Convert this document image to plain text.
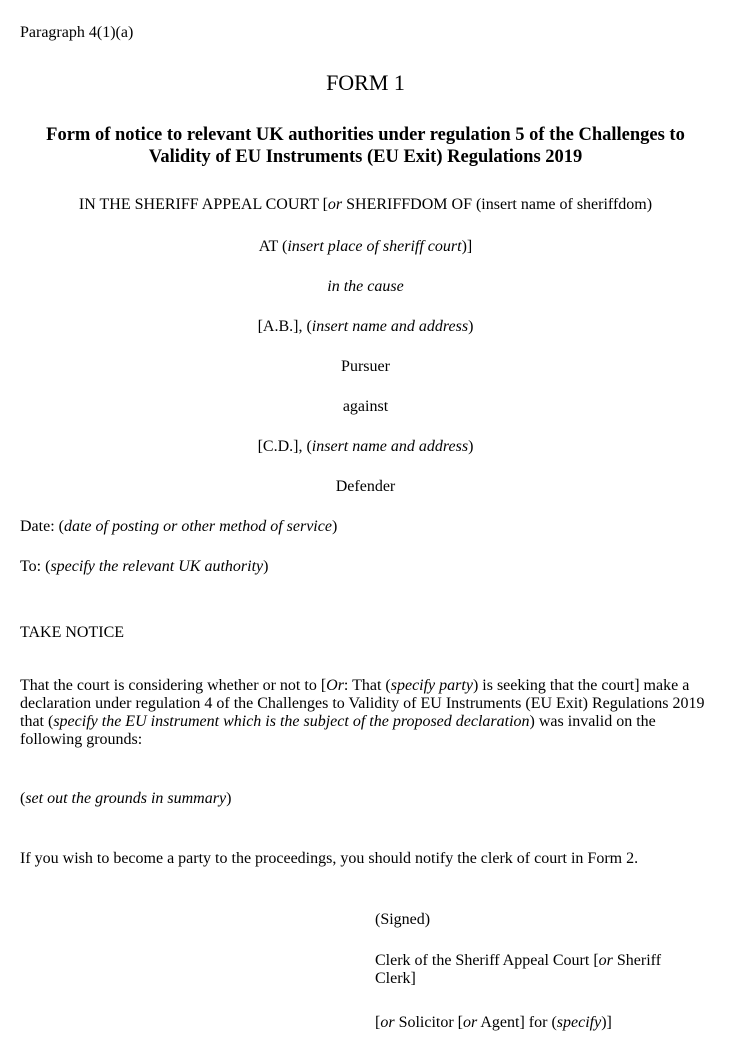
Paragraph 4(1)(a)

FORM 1

Form of notice to relevant UK authorities under regulation 5 of the Challenges to
Validity of EU Instruments (EU Exit) Regulations 2019

IN THE SHERIFF APPEAL COURT [or SHERIFFDOM OF (insert name of sheriffdom)

AT (insert place of sheriff court)]

in the cause

[A.B.], (insert name and address)

Pursuer

against

[C.D.], (insert name and address)

Defender

Date: (date of posting or other method of service)

To: (specify the relevant UK authority)

TAKE NOTICE

That the court is considering whether or not to [Or: That (specify party) is seeking that the court] make a declaration under regulation 4 of the Challenges to Validity of EU Instruments (EU Exit) Regulations 2019 that (specify the EU instrument which is the subject of the proposed declaration) was invalid on the following grounds:

(set out the grounds in summary)

If you wish to become a party to the proceedings, you should notify the clerk of court in Form 2.

(Signed)

Clerk of the Sheriff Appeal Court [or Sheriff Clerk]

[or Solicitor [or Agent] for (specify)]
